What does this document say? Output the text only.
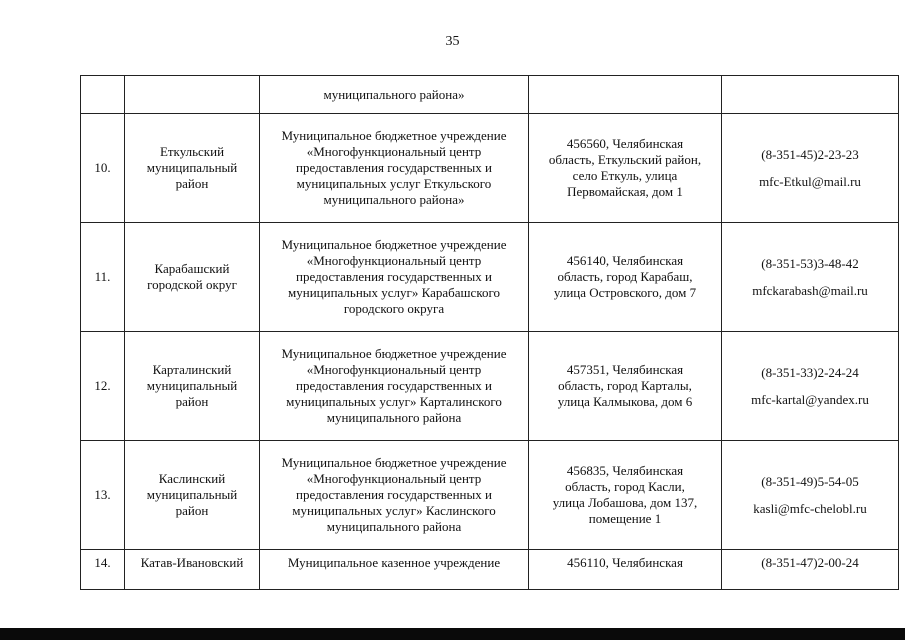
35
		муниципального района»		
10.	Еткульский
муниципальный
район	Муниципальное бюджетное учреждение
«Многофункциональный центр
предоставления государственных и
муниципальных услуг Еткульского
муниципального района»	456560, Челябинская
область, Еткульский район,
село Еткуль, улица
Первомайская, дом 1	(8-351-45)2-23-23
mfc-Etkul@mail.ru

11.	Карабашский
городской округ	Муниципальное бюджетное учреждение
«Многофункциональный центр
предоставления государственных и
муниципальных услуг» Карабашского
городского округа	456140, Челябинская
область, город Карабаш,
улица Островского, дом 7	(8-351-53)3-48-42
mfckarabash@mail.ru

12.	Карталинский
муниципальный
район	Муниципальное бюджетное учреждение
«Многофункциональный центр
предоставления государственных и
муниципальных услуг» Карталинского
муниципального района	457351, Челябинская
область, город Карталы,
улица Калмыкова, дом 6	(8-351-33)2-24-24
mfc-kartal@yandex.ru

13.	Каслинский
муниципальный
район	Муниципальное бюджетное учреждение
«Многофункциональный центр
предоставления государственных и
муниципальных услуг» Каслинского
муниципального района	456835, Челябинская
область, город Касли,
улица Лобашова, дом 137,
помещение 1	(8-351-49)5-54-05
kasli@mfc-chelobl.ru

14.	Катав-Ивановский	Муниципальное казенное учреждение	456110, Челябинская	(8-351-47)2-00-24
